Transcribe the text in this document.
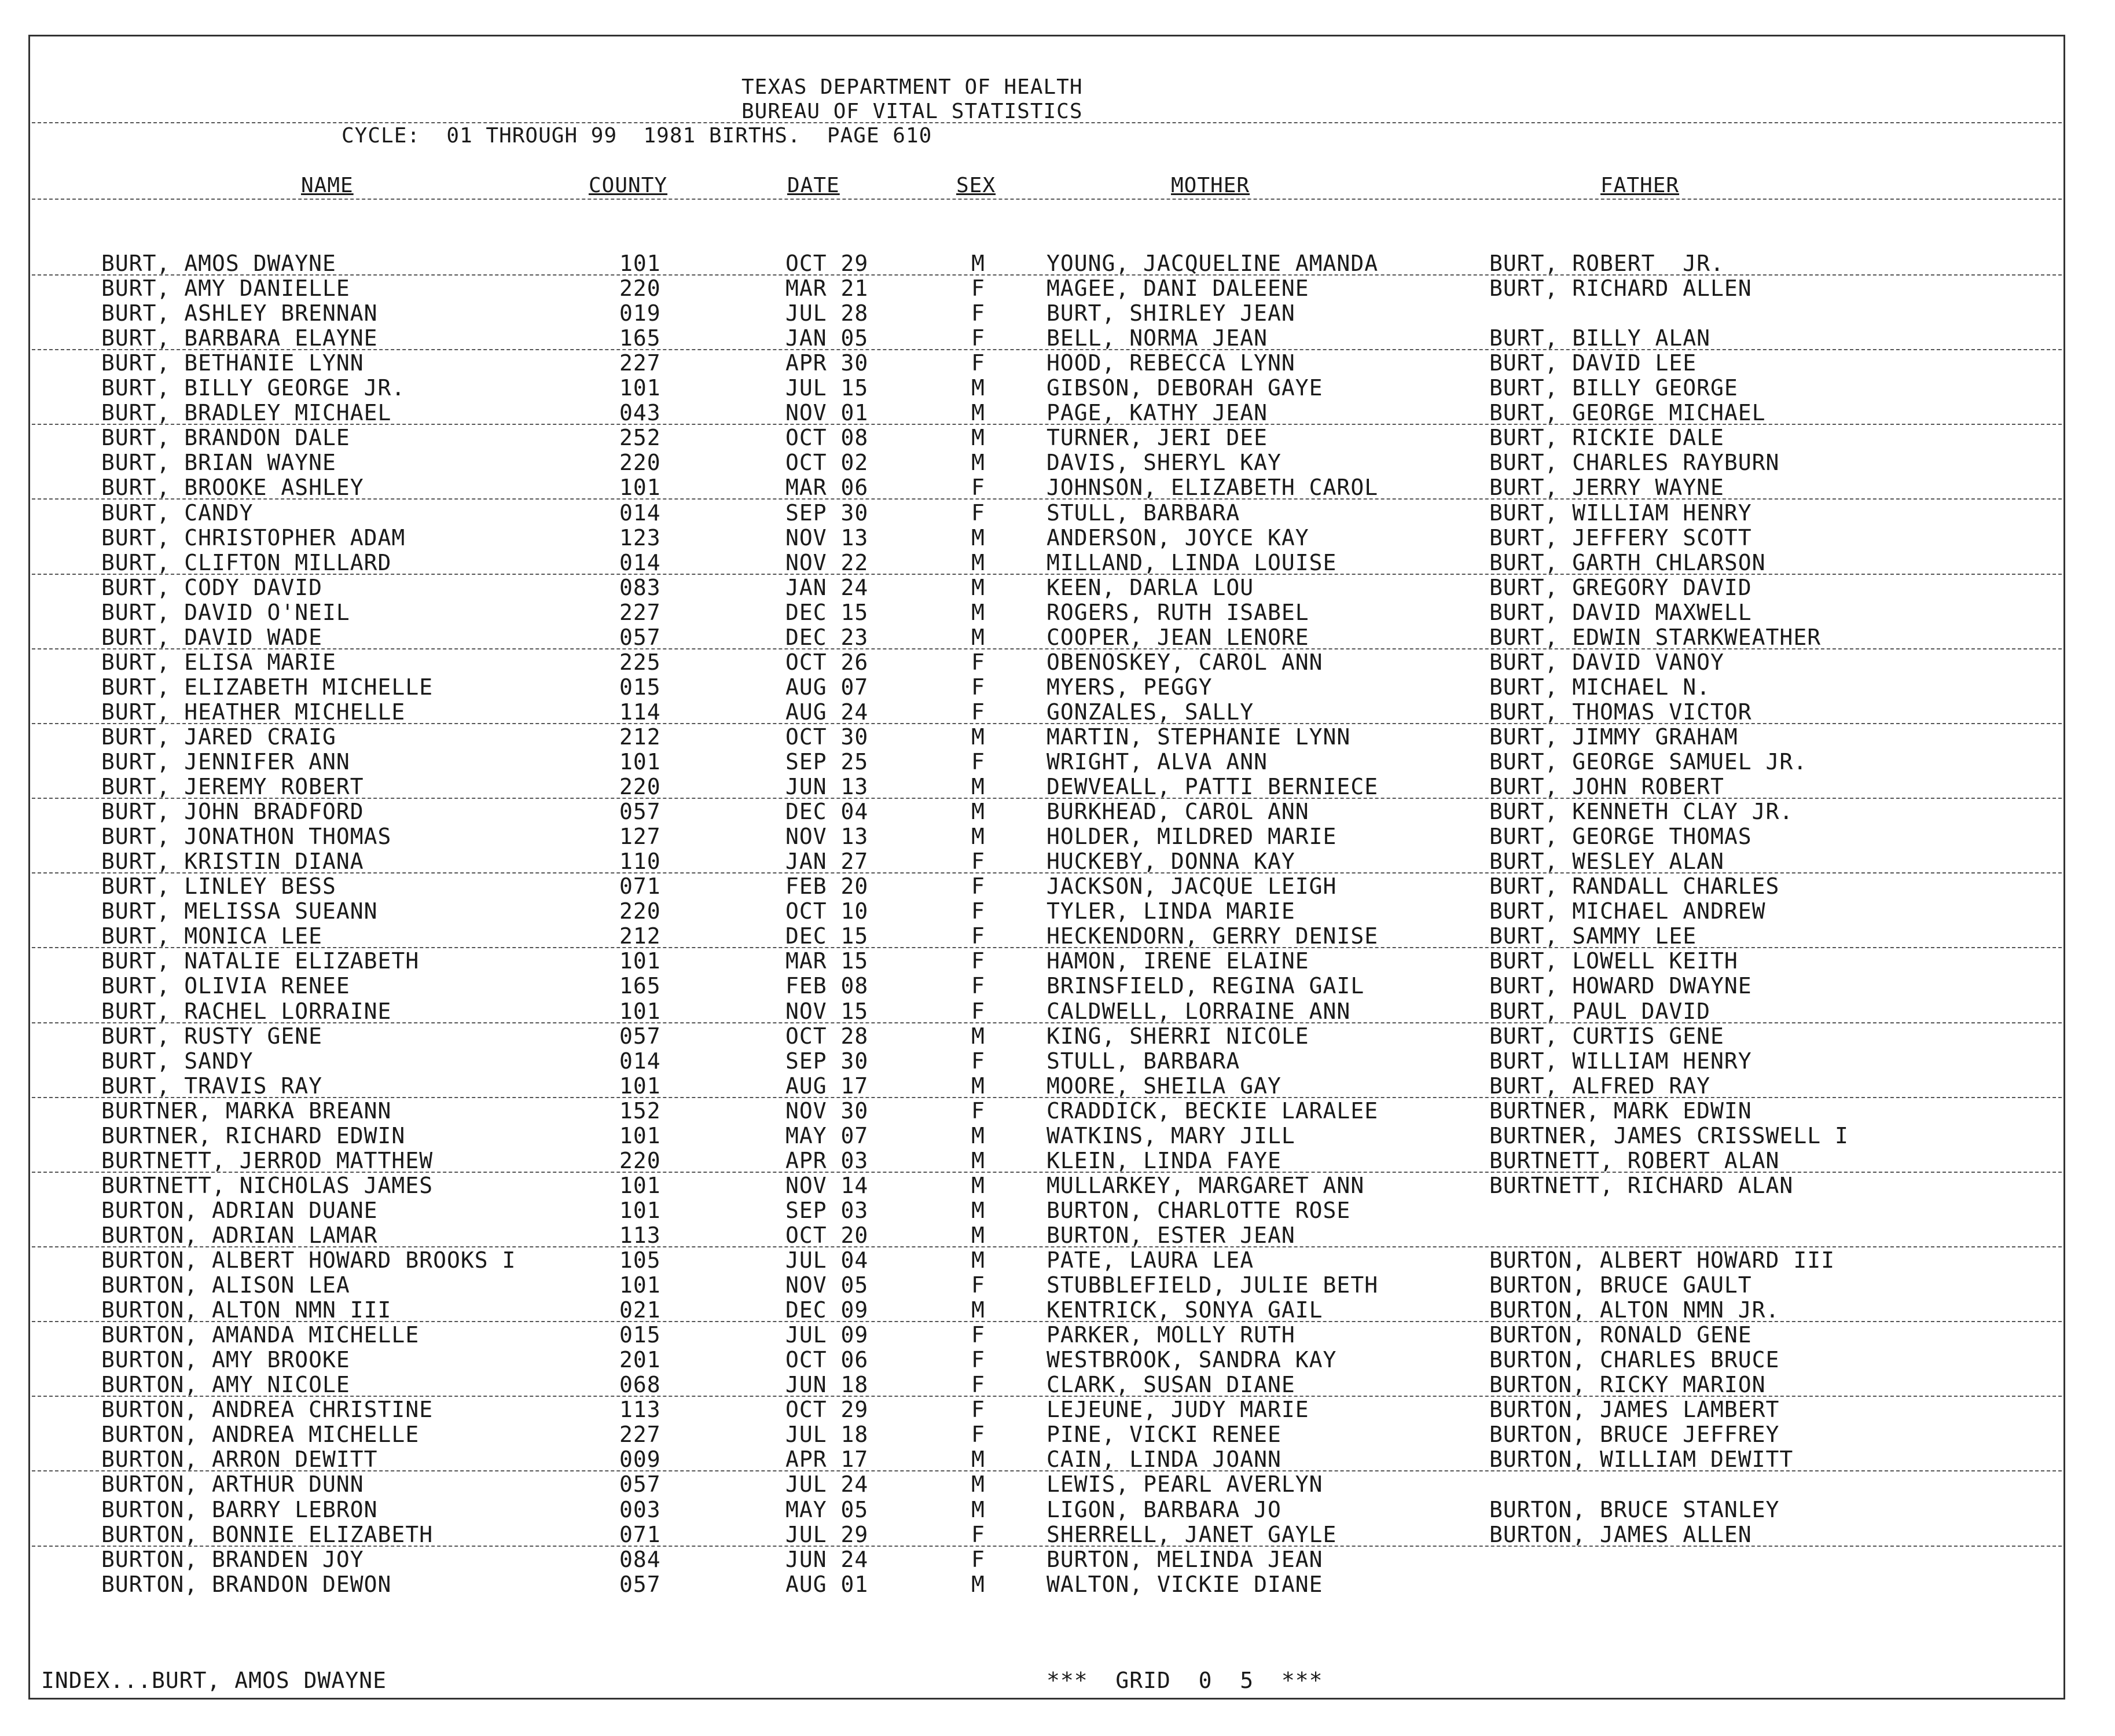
TEXAS DEPARTMENT OF HEALTH
BUREAU OF VITAL STATISTICS
CYCLE:  01 THROUGH 99  1981 BIRTHS.  PAGE 610
NAME	COUNTY	DATE	SEX	MOTHER	FATHER
BURT, AMOS DWAYNE	101	OCT 29	M	YOUNG, JACQUELINE AMANDA	BURT, ROBERT  JR.
BURT, AMY DANIELLE	220	MAR 21	F	MAGEE, DANI DALEENE	BURT, RICHARD ALLEN
BURT, ASHLEY BRENNAN	019	JUL 28	F	BURT, SHIRLEY JEAN
BURT, BARBARA ELAYNE	165	JAN 05	F	BELL, NORMA JEAN	BURT, BILLY ALAN
BURT, BETHANIE LYNN	227	APR 30	F	HOOD, REBECCA LYNN	BURT, DAVID LEE
BURT, BILLY GEORGE JR.	101	JUL 15	M	GIBSON, DEBORAH GAYE	BURT, BILLY GEORGE
BURT, BRADLEY MICHAEL	043	NOV 01	M	PAGE, KATHY JEAN	BURT, GEORGE MICHAEL
BURT, BRANDON DALE	252	OCT 08	M	TURNER, JERI DEE	BURT, RICKIE DALE
BURT, BRIAN WAYNE	220	OCT 02	M	DAVIS, SHERYL KAY	BURT, CHARLES RAYBURN
BURT, BROOKE ASHLEY	101	MAR 06	F	JOHNSON, ELIZABETH CAROL	BURT, JERRY WAYNE
BURT, CANDY	014	SEP 30	F	STULL, BARBARA	BURT, WILLIAM HENRY
BURT, CHRISTOPHER ADAM	123	NOV 13	M	ANDERSON, JOYCE KAY	BURT, JEFFERY SCOTT
BURT, CLIFTON MILLARD	014	NOV 22	M	MILLAND, LINDA LOUISE	BURT, GARTH CHLARSON
BURT, CODY DAVID	083	JAN 24	M	KEEN, DARLA LOU	BURT, GREGORY DAVID
BURT, DAVID O'NEIL	227	DEC 15	M	ROGERS, RUTH ISABEL	BURT, DAVID MAXWELL
BURT, DAVID WADE	057	DEC 23	M	COOPER, JEAN LENORE	BURT, EDWIN STARKWEATHER
BURT, ELISA MARIE	225	OCT 26	F	OBENOSKEY, CAROL ANN	BURT, DAVID VANOY
BURT, ELIZABETH MICHELLE	015	AUG 07	F	MYERS, PEGGY	BURT, MICHAEL N.
BURT, HEATHER MICHELLE	114	AUG 24	F	GONZALES, SALLY	BURT, THOMAS VICTOR
BURT, JARED CRAIG	212	OCT 30	M	MARTIN, STEPHANIE LYNN	BURT, JIMMY GRAHAM
BURT, JENNIFER ANN	101	SEP 25	F	WRIGHT, ALVA ANN	BURT, GEORGE SAMUEL JR.
BURT, JEREMY ROBERT	220	JUN 13	M	DEWVEALL, PATTI BERNIECE	BURT, JOHN ROBERT
BURT, JOHN BRADFORD	057	DEC 04	M	BURKHEAD, CAROL ANN	BURT, KENNETH CLAY JR.
BURT, JONATHON THOMAS	127	NOV 13	M	HOLDER, MILDRED MARIE	BURT, GEORGE THOMAS
BURT, KRISTIN DIANA	110	JAN 27	F	HUCKEBY, DONNA KAY	BURT, WESLEY ALAN
BURT, LINLEY BESS	071	FEB 20	F	JACKSON, JACQUE LEIGH	BURT, RANDALL CHARLES
BURT, MELISSA SUEANN	220	OCT 10	F	TYLER, LINDA MARIE	BURT, MICHAEL ANDREW
BURT, MONICA LEE	212	DEC 15	F	HECKENDORN, GERRY DENISE	BURT, SAMMY LEE
BURT, NATALIE ELIZABETH	101	MAR 15	F	HAMON, IRENE ELAINE	BURT, LOWELL KEITH
BURT, OLIVIA RENEE	165	FEB 08	F	BRINSFIELD, REGINA GAIL	BURT, HOWARD DWAYNE
BURT, RACHEL LORRAINE	101	NOV 15	F	CALDWELL, LORRAINE ANN	BURT, PAUL DAVID
BURT, RUSTY GENE	057	OCT 28	M	KING, SHERRI NICOLE	BURT, CURTIS GENE
BURT, SANDY	014	SEP 30	F	STULL, BARBARA	BURT, WILLIAM HENRY
BURT, TRAVIS RAY	101	AUG 17	M	MOORE, SHEILA GAY	BURT, ALFRED RAY
BURTNER, MARKA BREANN	152	NOV 30	F	CRADDICK, BECKIE LARALEE	BURTNER, MARK EDWIN
BURTNER, RICHARD EDWIN	101	MAY 07	M	WATKINS, MARY JILL	BURTNER, JAMES CRISSWELL I
BURTNETT, JERROD MATTHEW	220	APR 03	M	KLEIN, LINDA FAYE	BURTNETT, ROBERT ALAN
BURTNETT, NICHOLAS JAMES	101	NOV 14	M	MULLARKEY, MARGARET ANN	BURTNETT, RICHARD ALAN
BURTON, ADRIAN DUANE	101	SEP 03	M	BURTON, CHARLOTTE ROSE
BURTON, ADRIAN LAMAR	113	OCT 20	M	BURTON, ESTER JEAN
BURTON, ALBERT HOWARD BROOKS I	105	JUL 04	M	PATE, LAURA LEA	BURTON, ALBERT HOWARD III
BURTON, ALISON LEA	101	NOV 05	F	STUBBLEFIELD, JULIE BETH	BURTON, BRUCE GAULT
BURTON, ALTON NMN III	021	DEC 09	M	KENTRICK, SONYA GAIL	BURTON, ALTON NMN JR.
BURTON, AMANDA MICHELLE	015	JUL 09	F	PARKER, MOLLY RUTH	BURTON, RONALD GENE
BURTON, AMY BROOKE	201	OCT 06	F	WESTBROOK, SANDRA KAY	BURTON, CHARLES BRUCE
BURTON, AMY NICOLE	068	JUN 18	F	CLARK, SUSAN DIANE	BURTON, RICKY MARION
BURTON, ANDREA CHRISTINE	113	OCT 29	F	LEJEUNE, JUDY MARIE	BURTON, JAMES LAMBERT
BURTON, ANDREA MICHELLE	227	JUL 18	F	PINE, VICKI RENEE	BURTON, BRUCE JEFFREY
BURTON, ARRON DEWITT	009	APR 17	M	CAIN, LINDA JOANN	BURTON, WILLIAM DEWITT
BURTON, ARTHUR DUNN	057	JUL 24	M	LEWIS, PEARL AVERLYN
BURTON, BARRY LEBRON	003	MAY 05	M	LIGON, BARBARA JO	BURTON, BRUCE STANLEY
BURTON, BONNIE ELIZABETH	071	JUL 29	F	SHERRELL, JANET GAYLE	BURTON, JAMES ALLEN
BURTON, BRANDEN JOY	084	JUN 24	F	BURTON, MELINDA JEAN
BURTON, BRANDON DEWON	057	AUG 01	M	WALTON, VICKIE DIANE
INDEX...BURT, AMOS DWAYNE	***  GRID  0  5  ***
